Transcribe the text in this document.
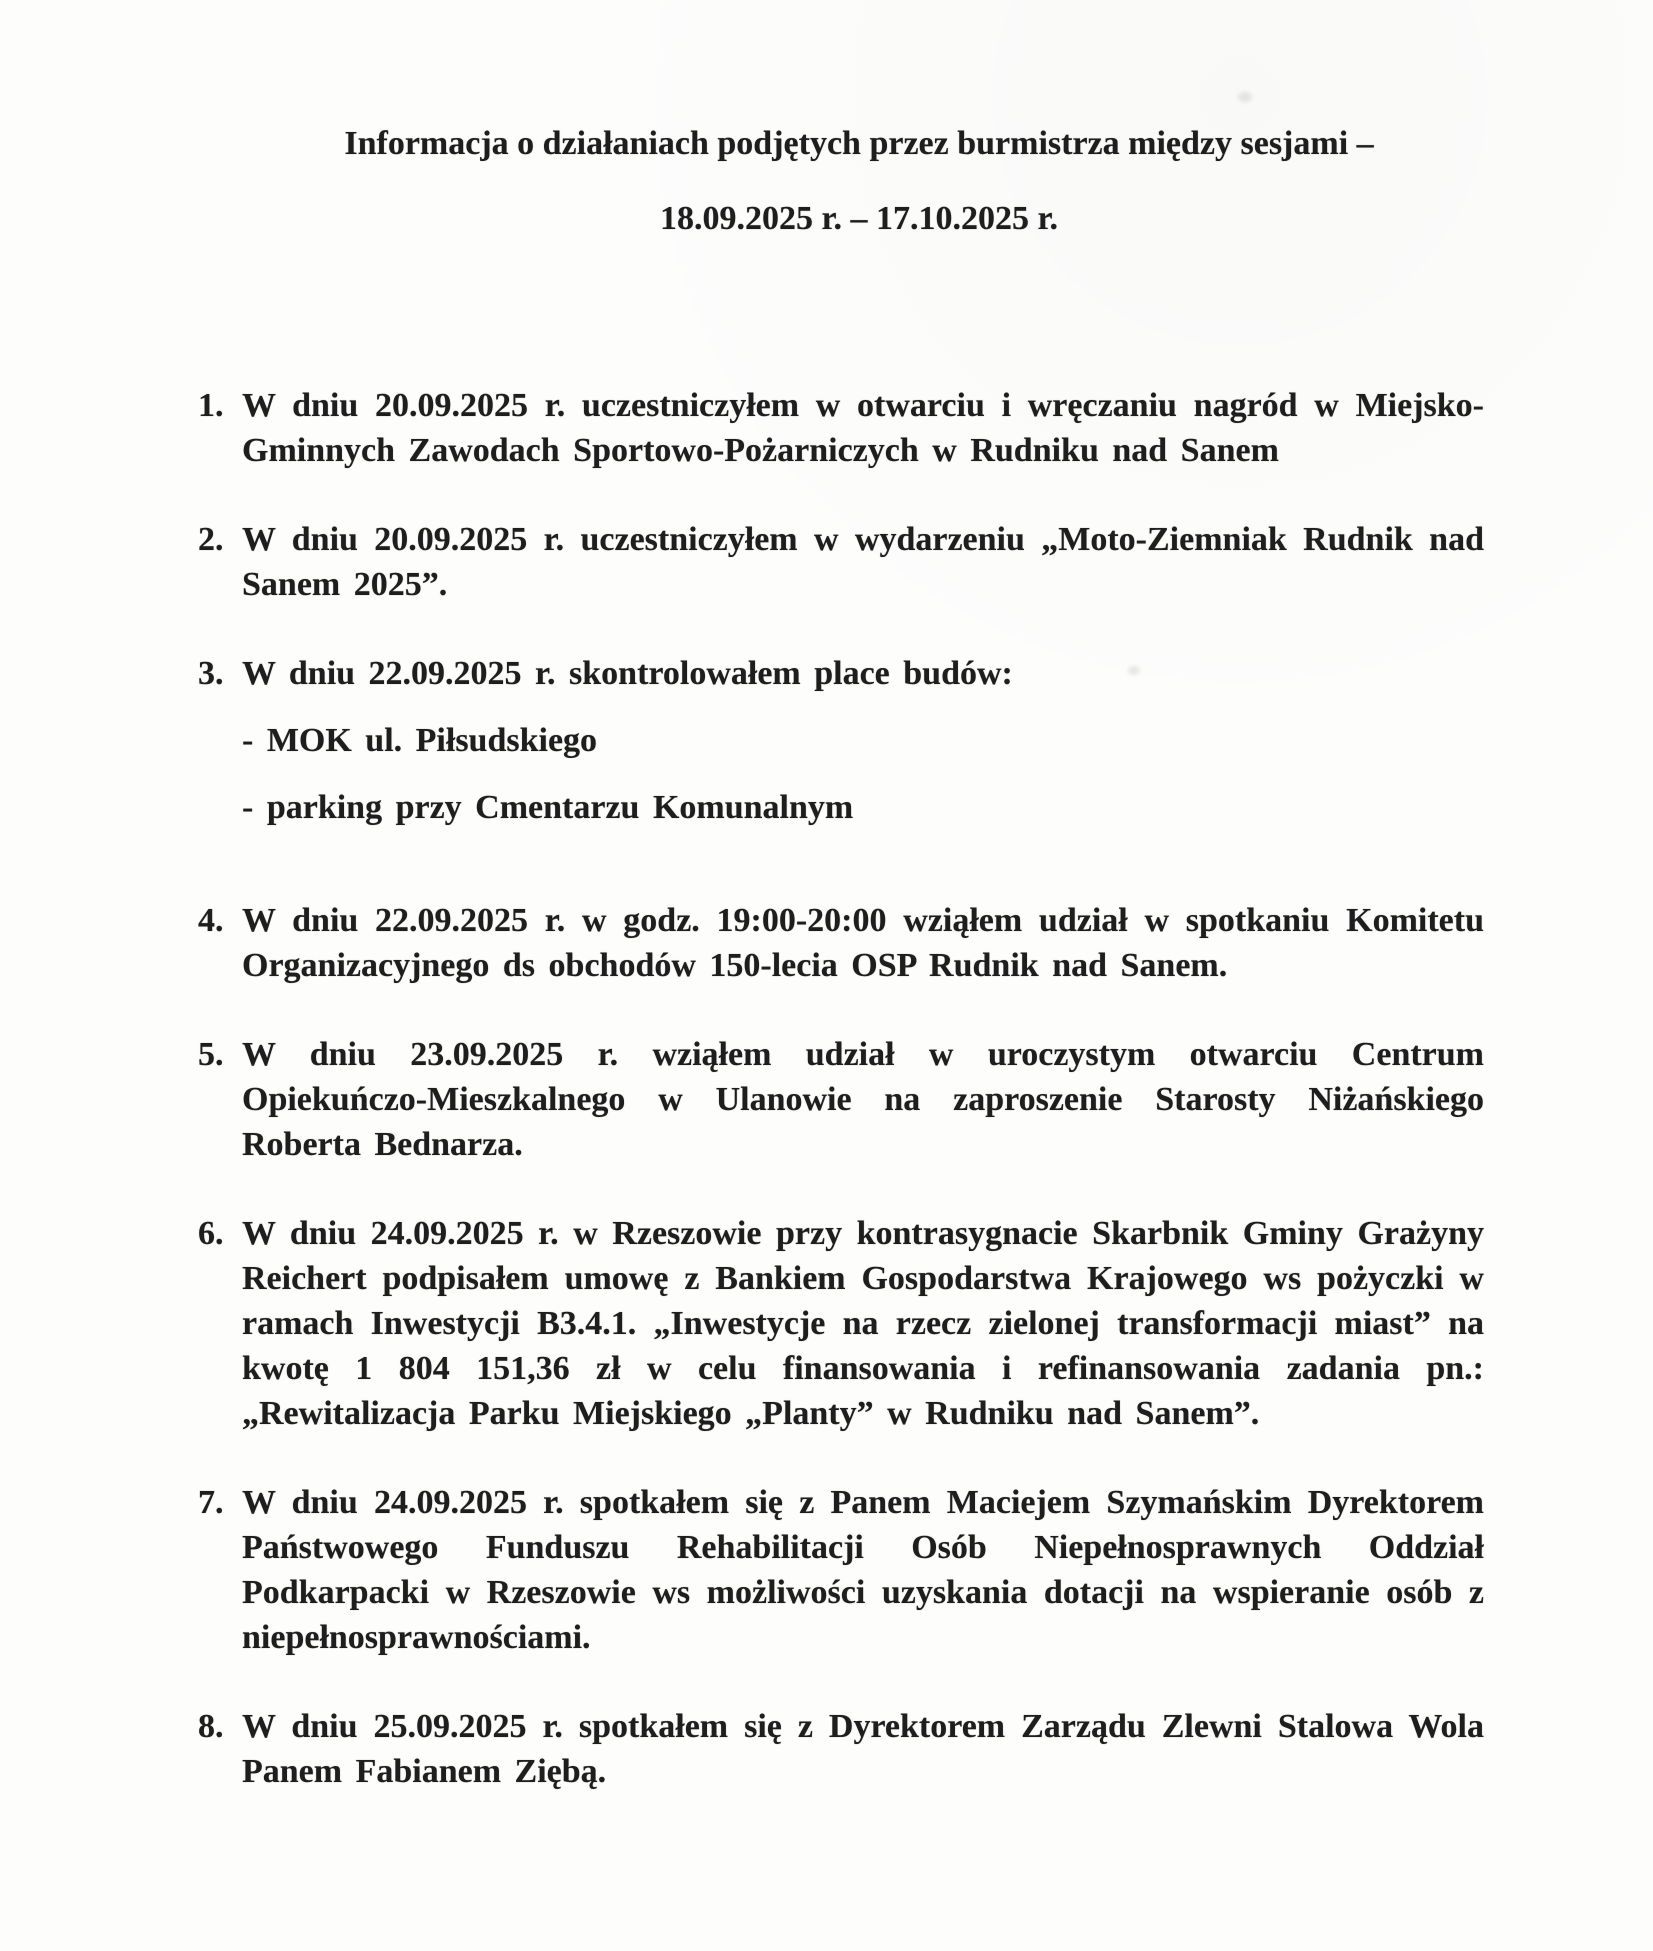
Informacja o działaniach podjętych przez burmistrza między sesjami –
18.09.2025 r. – 17.10.2025 r.
1. W dniu 20.09.2025 r. uczestniczyłem w otwarciu i wręczaniu nagród w Miejsko-Gminnych Zawodach Sportowo-Pożarniczych w Rudniku nad Sanem

2. W dniu 20.09.2025 r. uczestniczyłem w wydarzeniu „Moto-Ziemniak Rudnik nad Sanem 2025”.

3. W dniu 22.09.2025 r. skontrolowałem place budów:

- MOK ul. Piłsudskiego

- parking przy Cmentarzu Komunalnym

4. W dniu 22.09.2025 r. w godz. 19:00-20:00 wziąłem udział w spotkaniu Komitetu Organizacyjnego ds obchodów 150-lecia OSP Rudnik nad Sanem.

5. W dniu 23.09.2025 r. wziąłem udział w uroczystym otwarciu Centrum Opiekuńczo-Mieszkalnego w Ulanowie na zaproszenie Starosty Niżańskiego Roberta Bednarza.

6. W dniu 24.09.2025 r. w Rzeszowie przy kontrasygnacie Skarbnik Gminy Grażyny Reichert podpisałem umowę z Bankiem Gospodarstwa Krajowego ws pożyczki w ramach Inwestycji B3.4.1. „Inwestycje na rzecz zielonej transformacji miast” na kwotę 1 804 151,36 zł w celu finansowania i refinansowania zadania pn.: „Rewitalizacja Parku Miejskiego „Planty” w Rudniku nad Sanem”.

7. W dniu 24.09.2025 r. spotkałem się z Panem Maciejem Szymańskim Dyrektorem Państwowego Funduszu Rehabilitacji Osób Niepełnosprawnych Oddział Podkarpacki w Rzeszowie ws możliwości uzyskania dotacji na wspieranie osób z niepełnosprawnościami.

8. W dniu 25.09.2025 r. spotkałem się z Dyrektorem Zarządu Zlewni Stalowa Wola Panem Fabianem Ziębą.
